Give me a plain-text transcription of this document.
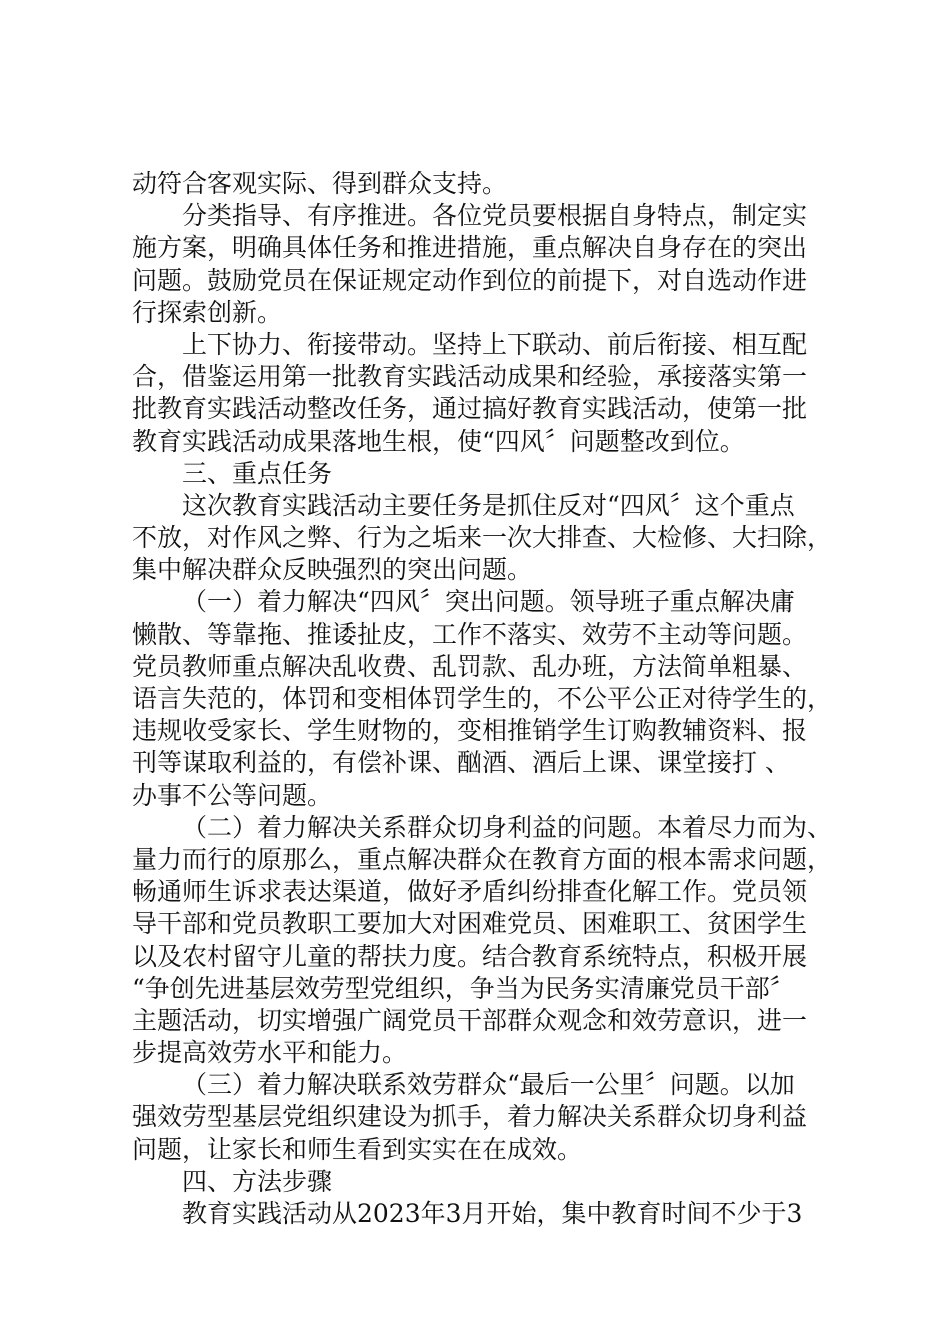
动符合客观实际、得到群众支持。
分类指导、有序推进。各位党员要根据自身特点，制定实
施方案，明确具体任务和推进措施，重点解决自身存在的突出
问题。鼓励党员在保证规定动作到位的前提下，对自选动作进
行探索创新。
上下协力、衔接带动。坚持上下联动、前后衔接、相互配
合，借鉴运用第一批教育实践活动成果和经验，承接落实第一
批教育实践活动整改任务，通过搞好教育实践活动，使第一批
教育实践活动成果落地生根，使“四风〞问题整改到位。
三、重点任务
这次教育实践活动主要任务是抓住反对“四风〞这个重点
不放，对作风之弊、行为之垢来一次大排查、大检修、大扫除，
集中解决群众反映强烈的突出问题。
（一）着力解决“四风〞突出问题。领导班子重点解决庸
懒散、等靠拖、推诿扯皮，工作不落实、效劳不主动等问题。
党员教师重点解决乱收费、乱罚款、乱办班，方法简单粗暴、
语言失范的，体罚和变相体罚学生的，不公平公正对待学生的，
违规收受家长、学生财物的，变相推销学生订购教辅资料、报
刊等谋取利益的，有偿补课、酗酒、酒后上课、课堂接打 、
办事不公等问题。
（二）着力解决关系群众切身利益的问题。本着尽力而为、
量力而行的原那么，重点解决群众在教育方面的根本需求问题，
畅通师生诉求表达渠道，做好矛盾纠纷排查化解工作。党员领
导干部和党员教职工要加大对困难党员、困难职工、贫困学生
以及农村留守儿童的帮扶力度。结合教育系统特点，积极开展
“争创先进基层效劳型党组织，争当为民务实清廉党员干部〞
主题活动，切实增强广阔党员干部群众观念和效劳意识，进一
步提高效劳水平和能力。
（三）着力解决联系效劳群众“最后一公里〞问题。以加
强效劳型基层党组织建设为抓手，着力解决关系群众切身利益
问题，让家长和师生看到实实在在成效。
四、方法步骤
教育实践活动从2023年3月开始，集中教育时间不少于3
